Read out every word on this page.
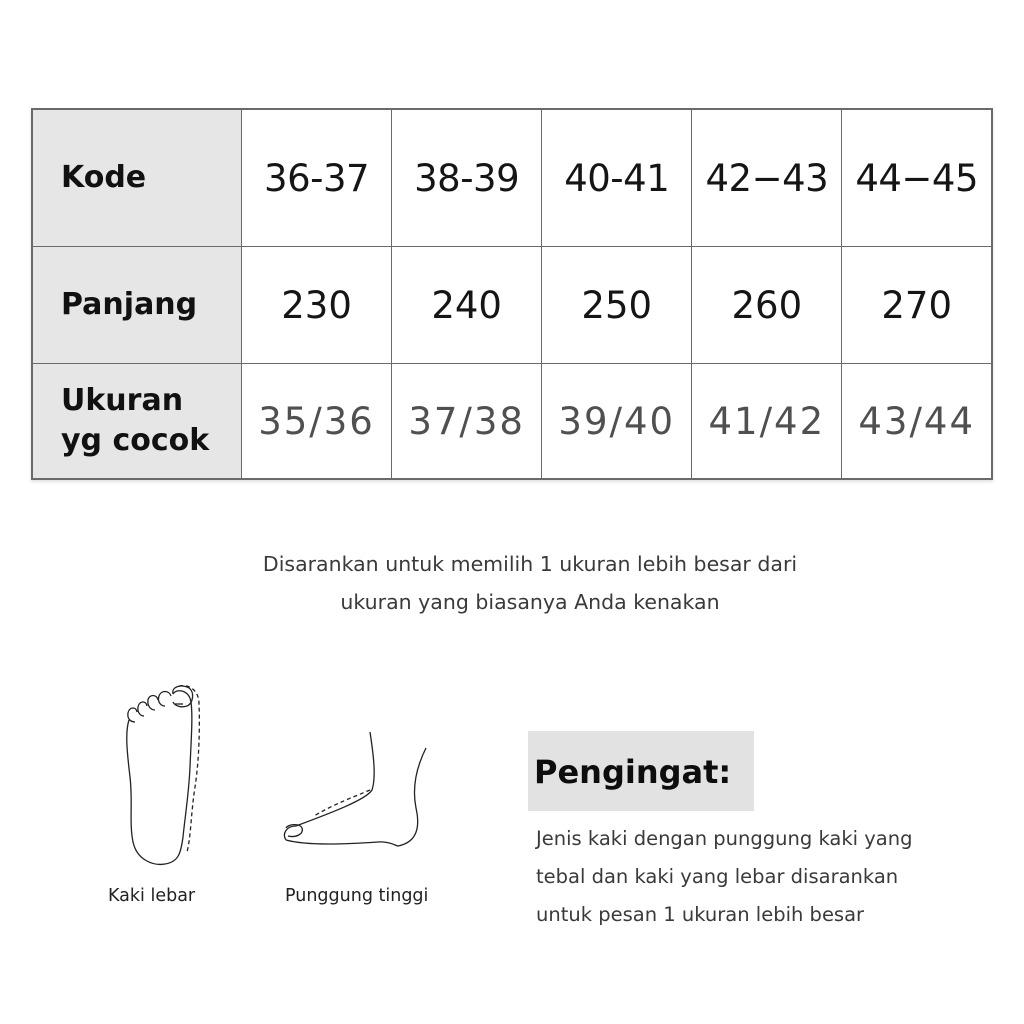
Kode	36-37	38-39	40-41	42−43	44−45
Panjang	230	240	250	260	270

Ukuran
yg cocok	35/36	37/38	39/40	41/42	43/44
Disarankan untuk memilih 1 ukuran lebih besar dari
ukuran yang biasanya Anda kenakan
Kaki lebar	Punggung tinggi
Pengingat:
Jenis kaki dengan punggung kaki yang
tebal dan kaki yang lebar disarankan
untuk pesan 1 ukuran lebih besar
